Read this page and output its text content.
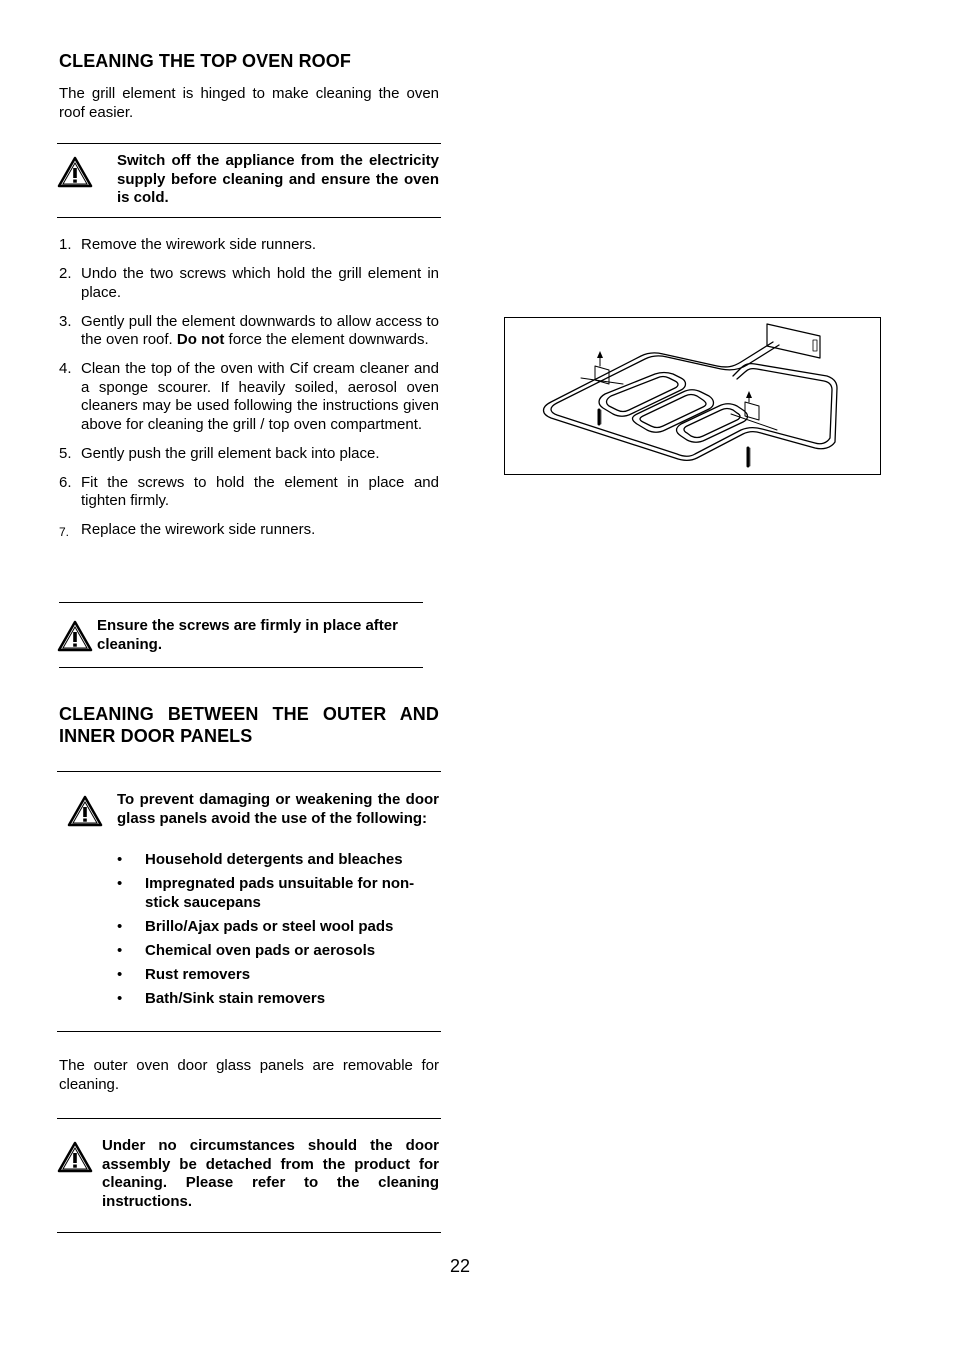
CLEANING THE TOP OVEN ROOF

The grill element is hinged to make cleaning the oven roof easier.

Switch off the appliance from the electricity supply before cleaning and ensure the oven is cold.

1. Remove the wirework side runners.
2. Undo the two screws which hold the grill element in place.
3. Gently pull the element downwards to allow access to the oven roof. Do not force the element downwards.
4. Clean the top of the oven with Cif cream cleaner and a sponge scourer. If heavily soiled, aerosol oven cleaners may be used following the instructions given above for cleaning the grill / top oven compartment.
5. Gently push the grill element back into place.
6. Fit the screws to hold the element in place and tighten firmly.
7. Replace the wirework side runners.

Ensure the screws are firmly in place after cleaning.

CLEANING BETWEEN THE OUTER AND INNER DOOR PANELS

To prevent damaging or weakening the door glass panels avoid the use of the following:

• Household detergents and bleaches
• Impregnated pads unsuitable for non-stick saucepans
• Brillo/Ajax pads or steel wool pads
• Chemical oven pads or aerosols
• Rust removers
• Bath/Sink stain removers

The outer oven door glass panels are removable for cleaning.

Under no circumstances should the door assembly be detached from the product for cleaning. Please refer to the cleaning instructions.

22
